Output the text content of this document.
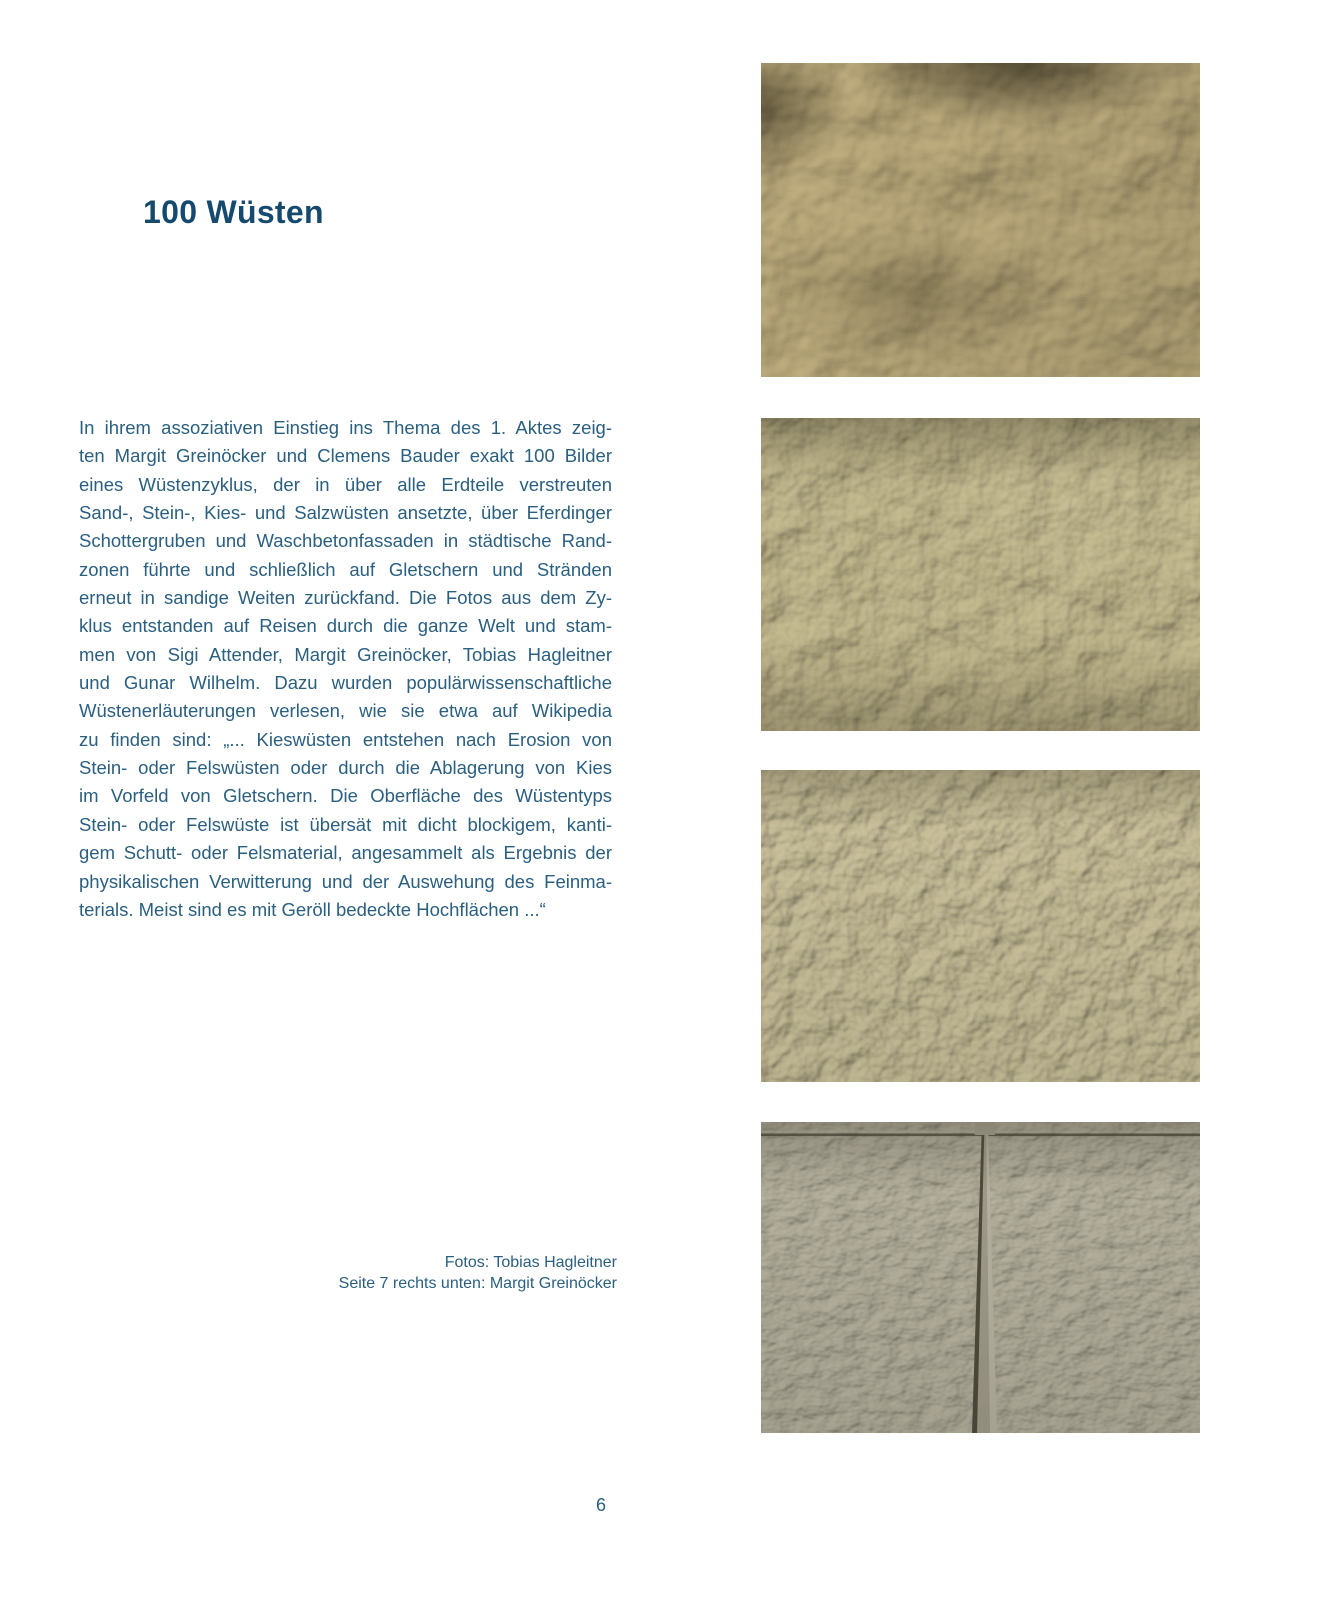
100 Wüsten
In ihrem assoziativen Einstieg ins Thema des 1. Aktes zeig-
ten Margit Greinöcker und Clemens Bauder exakt 100 Bilder
eines Wüstenzyklus, der in über alle Erdteile verstreuten
Sand-, Stein-, Kies- und Salzwüsten ansetzte, über Eferdinger
Schottergruben und Waschbetonfassaden in städtische Rand-
zonen führte und schließlich auf Gletschern und Stränden
erneut in sandige Weiten zurückfand. Die Fotos aus dem Zy-
klus entstanden auf Reisen durch die ganze Welt und stam-
men von Sigi Attender, Margit Greinöcker, Tobias Hagleitner
und Gunar Wilhelm. Dazu wurden populärwissenschaftliche
Wüstenerläuterungen verlesen, wie sie etwa auf Wikipedia
zu finden sind: „... Kieswüsten entstehen nach Erosion von
Stein- oder Felswüsten oder durch die Ablagerung von Kies
im Vorfeld von Gletschern. Die Oberfläche des Wüstentyps
Stein- oder Felswüste ist übersät mit dicht blockigem, kanti-
gem Schutt- oder Felsmaterial, angesammelt als Ergebnis der
physikalischen Verwitterung und der Auswehung des Feinma-
terials. Meist sind es mit Geröll bedeckte Hochflächen ...“
Fotos: Tobias Hagleitner
Seite 7 rechts unten: Margit Greinöcker
6
